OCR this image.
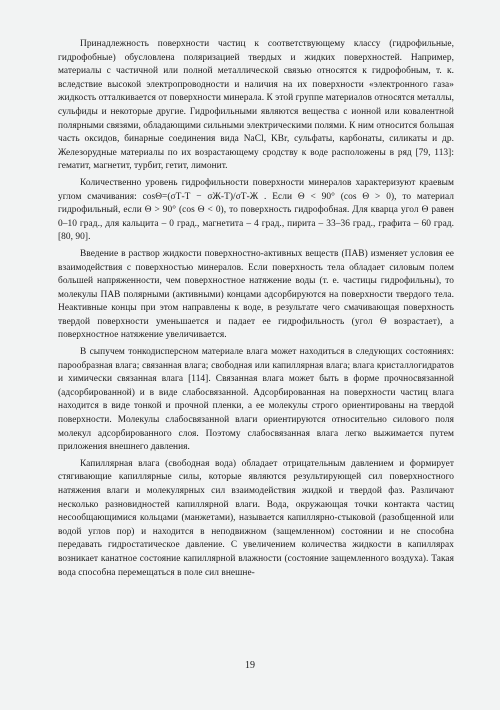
Принадлежность поверхности частиц к соответствующему классу (гидрофильные, гидрофобные) обусловлена поляризацией твердых и жидких поверхностей. Например, материалы с частичной или полной металлической связью относятся к гидрофобным, т. к. вследствие высокой электропроводности и наличия на их поверхности «электронного газа» жидкость отталкивается от поверхности минерала. К этой группе материалов относятся металлы, сульфиды и некоторые другие. Гидрофильными являются вещества с ионной или ковалентной полярными связями, обладающими сильными электрическими полями. К ним относится большая часть оксидов, бинарные соединения вида NaCl, KBr, сульфаты, карбонаты, силикаты и др. Железорудные материалы по их возрастающему сродству к воде расположены в ряд [79, 113]: гематит, магнетит, турбит, гетит, лимонит.

Количественно уровень гидрофильности поверхности минералов характеризуют краевым углом смачивания: cosΘ=(σТ-Т − σЖ-Т)/σТ-Ж . Если Θ < 90° (cos Θ > 0), то материал гидрофильный, если Θ > 90° (cos Θ < 0), то поверхность гидрофобная. Для кварца угол Θ равен 0–10 град., для кальцита – 0 град., магнетита – 4 град., пирита – 33–36 град., графита – 60 град. [80, 90].

Введение в раствор жидкости поверхностно-активных веществ (ПАВ) изменяет условия ее взаимодействия с поверхностью минералов. Если поверхность тела обладает силовым полем большей напряженности, чем поверхностное натяжение воды (т. е. частицы гидрофильны), то молекулы ПАВ полярными (активными) концами адсорбируются на поверхности твердого тела. Неактивные концы при этом направлены к воде, в результате чего смачивающая поверхность твердой поверхности уменьшается и падает ее гидрофильность (угол Θ возрастает), а поверхностное натяжение увеличивается.

В сыпучем тонкодисперсном материале влага может находиться в следующих состояниях: парообразная влага; связанная влага; свободная или капиллярная влага; влага кристаллогидратов и химически связанная влага [114]. Связанная влага может быть в форме прочносвязанной (адсорбированной) и в виде слабосвязанной. Адсорбированная на поверхности частиц влага находится в виде тонкой и прочной пленки, а ее молекулы строго ориентированы на твердой поверхности. Молекулы слабосвязанной влаги ориентируются относительно силового поля молекул адсорбированного слоя. Поэтому слабосвязанная влага легко выжимается путем приложения внешнего давления.

Капиллярная влага (свободная вода) обладает отрицательным давлением и формирует стягивающие капиллярные силы, которые являются результирующей сил поверхностного натяжения влаги и молекулярных сил взаимодействия жидкой и твердой фаз. Различают несколько разновидностей капиллярной влаги. Вода, окружающая точки контакта частиц несообщающимися кольцами (манжетами), называется капиллярно-стыковой (разобщенной или водой углов пор) и находится в неподвижном (защемленном) состоянии и не способна передавать гидростатическое давление. С увеличением количества жидкости в капиллярах возникает канатное состояние капиллярной влажности (состояние защемленного воздуха). Такая вода способна перемещаться в поле сил внешне-

19
